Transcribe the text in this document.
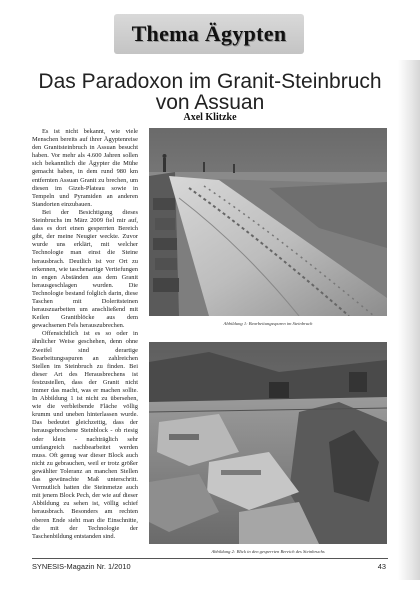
Thema Ägypten
Das Paradoxon im Granit-Steinbruch
von Assuan
Axel Klitzke

Es ist nicht bekannt, wie viele Menschen bereits auf ihrer Ägyptenreise den Granitsteinbruch in Assuan besucht haben. Vor mehr als 4.600 Jahren sollen sich bekanntlich die Ägypter die Mühe gemacht haben, in dem rund 980 km entfernten Assuan Granit zu brechen, um diesen im Gizeh-Plateau sowie in Tempeln und Pyramiden an anderen Standorten einzubauen.

Bei der Besichtigung dieses Steinbruchs im März 2009 fiel mir auf, dass es dort einen gesperrten Bereich gibt, der meine Neugier weckte. Zuvor wurde uns erklärt, mit welcher Technologie man einst die Steine herausbrach. Deutlich ist vor Ort zu erkennen, wie taschenartige Vertiefungen in engen Abständen aus dem Granit herausgeschlagen wurden. Die Technologie bestand folglich darin, diese Taschen mit Doleritsteinen herauszuarbeiten um anschließend mit Keilen Granitblöcke aus dem gewachsenen Fels herauszubrechen.

Offensichtlich ist es so oder in ähnlicher Weise geschehen, denn ohne Zweifel sind derartige Bearbeitungsspuren an zahlreichen Stellen im Steinbruch zu finden. Bei dieser Art des Herausbrechens ist festzustellen, dass der Granit nicht immer das macht, was er machen sollte. In Abbildung 1 ist nicht zu übersehen, wie die verbleibende Fläche völlig krumm und uneben hinterlassen wurde. Das bedeutet gleichzeitig, dass der herausgebrochene Steinblock - ob riesig oder klein - nachträglich sehr umfangreich nachbearbeitet werden muss. Oft genug war dieser Block auch nicht zu gebrauchen, weil er trotz größer gewählter Toleranz an manchen Stellen das gewünschte Maß unterschritt. Vermutlich hatten die Steinmetze auch mit jenem Block Pech, der wie auf dieser Abbildung zu sehen ist, völlig schief herausbrach. Besonders am rechten oberen Ende sieht man die Einschnitte, die mit der Technologie der Taschenbildung entstanden sind.

Abbildung 1: Bearbeitungsspuren im Steinbruch
Abbildung 2: Blick in den gesperrten Bereich des Steinbruchs
SYNESIS-Magazin Nr. 1/2010	43
